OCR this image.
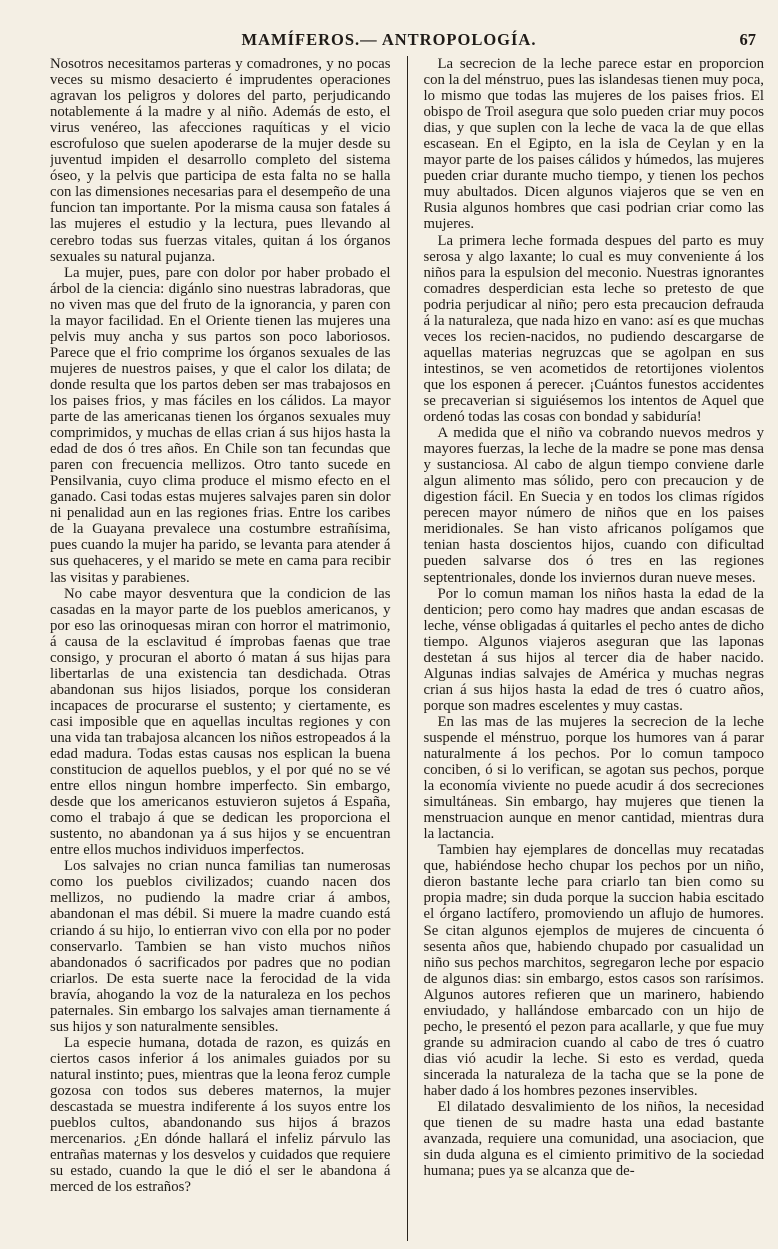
MAMÍFEROS.— ANTROPOLOGÍA.	67

Nosotros necesitamos parteras y comadrones, y no pocas veces su mismo desacierto é imprudentes operaciones agravan los peligros y dolores del parto, perjudicando notablemente á la madre y al niño. Además de esto, el virus venéreo, las afecciones raquíticas y el vicio escrofuloso que suelen apoderarse de la mujer desde su juventud impiden el desarrollo completo del sistema óseo, y la pelvis que participa de esta falta no se halla con las dimensiones necesarias para el desempeño de una funcion tan importante. Por la misma causa son fatales á las mujeres el estudio y la lectura, pues llevando al cerebro todas sus fuerzas vitales, quitan á los órganos sexuales su natural pujanza.

La mujer, pues, pare con dolor por haber probado el árbol de la ciencia: digánlo sino nuestras labradoras, que no viven mas que del fruto de la ignorancia, y paren con la mayor facilidad. En el Oriente tienen las mujeres una pelvis muy ancha y sus partos son poco laboriosos. Parece que el frio comprime los órganos sexuales de las mujeres de nuestros paises, y que el calor los dilata; de donde resulta que los partos deben ser mas trabajosos en los paises frios, y mas fáciles en los cálidos. La mayor parte de las americanas tienen los órganos sexuales muy comprimidos, y muchas de ellas crian á sus hijos hasta la edad de dos ó tres años. En Chile son tan fecundas que paren con frecuencia mellizos. Otro tanto sucede en Pensilvania, cuyo clima produce el mismo efecto en el ganado. Casi todas estas mujeres salvajes paren sin dolor ni penalidad aun en las regiones frias. Entre los caribes de la Guayana prevalece una costumbre estrañísima, pues cuando la mujer ha parido, se levanta para atender á sus quehaceres, y el marido se mete en cama para recibir las visitas y parabienes.

No cabe mayor desventura que la condicion de las casadas en la mayor parte de los pueblos americanos, y por eso las orinoquesas miran con horror el matrimonio, á causa de la esclavitud é ímprobas faenas que trae consigo, y procuran el aborto ó matan á sus hijas para libertarlas de una existencia tan desdichada. Otras abandonan sus hijos lisiados, porque los consideran incapaces de procurarse el sustento; y ciertamente, es casi imposible que en aquellas incultas regiones y con una vida tan trabajosa alcancen los niños estropeados á la edad madura. Todas estas causas nos esplican la buena constitucion de aquellos pueblos, y el por qué no se vé entre ellos ningun hombre imperfecto. Sin embargo, desde que los americanos estuvieron sujetos á España, como el trabajo á que se dedican les proporciona el sustento, no abandonan ya á sus hijos y se encuentran entre ellos muchos individuos imperfectos.

Los salvajes no crian nunca familias tan numerosas como los pueblos civilizados; cuando nacen dos mellizos, no pudiendo la madre criar á ambos, abandonan el mas débil. Si muere la madre cuando está criando á su hijo, lo entierran vivo con ella por no poder conservarlo. Tambien se han visto muchos niños abandonados ó sacrificados por padres que no podian criarlos. De esta suerte nace la ferocidad de la vida bravía, ahogando la voz de la naturaleza en los pechos paternales. Sin embargo los salvajes aman tiernamente á sus hijos y son naturalmente sensibles.

La especie humana, dotada de razon, es quizás en ciertos casos inferior á los animales guiados por su natural instinto; pues, mientras que la leona feroz cumple gozosa con todos sus deberes maternos, la mujer descastada se muestra indiferente á los suyos entre los pueblos cultos, abandonando sus hijos á brazos mercenarios. ¿En dónde hallará el infeliz párvulo las entrañas maternas y los desvelos y cuidados que requiere su estado, cuando la que le dió el ser le abandona á merced de los estraños?

La secrecion de la leche parece estar en proporcion con la del ménstruo, pues las islandesas tienen muy poca, lo mismo que todas las mujeres de los paises frios. El obispo de Troil asegura que solo pueden criar muy pocos dias, y que suplen con la leche de vaca la de que ellas escasean. En el Egipto, en la isla de Ceylan y en la mayor parte de los paises cálidos y húmedos, las mujeres pueden criar durante mucho tiempo, y tienen los pechos muy abultados. Dicen algunos viajeros que se ven en Rusia algunos hombres que casi podrian criar como las mujeres.

La primera leche formada despues del parto es muy serosa y algo laxante; lo cual es muy conveniente á los niños para la espulsion del meconio. Nuestras ignorantes comadres desperdician esta leche so pretesto de que podria perjudicar al niño; pero esta precaucion defrauda á la naturaleza, que nada hizo en vano: así es que muchas veces los recien-nacidos, no pudiendo descargarse de aquellas materias negruzcas que se agolpan en sus intestinos, se ven acometidos de retortijones violentos que los esponen á perecer. ¡Cuántos funestos accidentes se precaverian si siguiésemos los intentos de Aquel que ordenó todas las cosas con bondad y sabiduría!

A medida que el niño va cobrando nuevos medros y mayores fuerzas, la leche de la madre se pone mas densa y sustanciosa. Al cabo de algun tiempo conviene darle algun alimento mas sólido, pero con precaucion y de digestion fácil. En Suecia y en todos los climas rígidos perecen mayor número de niños que en los paises meridionales. Se han visto africanos polígamos que tenian hasta doscientos hijos, cuando con dificultad pueden salvarse dos ó tres en las regiones septentrionales, donde los inviernos duran nueve meses.

Por lo comun maman los niños hasta la edad de la denticion; pero como hay madres que andan escasas de leche, vénse obligadas á quitarles el pecho antes de dicho tiempo. Algunos viajeros aseguran que las laponas destetan á sus hijos al tercer dia de haber nacido. Algunas indias salvajes de América y muchas negras crian á sus hijos hasta la edad de tres ó cuatro años, porque son madres escelentes y muy castas.

En las mas de las mujeres la secrecion de la leche suspende el ménstruo, porque los humores van á parar naturalmente á los pechos. Por lo comun tampoco conciben, ó si lo verifican, se agotan sus pechos, porque la economía viviente no puede acudir á dos secreciones simultáneas. Sin embargo, hay mujeres que tienen la menstruacion aunque en menor cantidad, mientras dura la lactancia.

Tambien hay ejemplares de doncellas muy recatadas que, habiéndose hecho chupar los pechos por un niño, dieron bastante leche para criarlo tan bien como su propia madre; sin duda porque la succion habia escitado el órgano lactífero, promoviendo un aflujo de humores. Se citan algunos ejemplos de mujeres de cincuenta ó sesenta años que, habiendo chupado por casualidad un niño sus pechos marchitos, segregaron leche por espacio de algunos dias: sin embargo, estos casos son rarísimos. Algunos autores refieren que un marinero, habiendo enviudado, y hallándose embarcado con un hijo de pecho, le presentó el pezon para acallarle, y que fue muy grande su admiracion cuando al cabo de tres ó cuatro dias vió acudir la leche. Si esto es verdad, queda sincerada la naturaleza de la tacha que se la pone de haber dado á los hombres pezones inservibles.

El dilatado desvalimiento de los niños, la necesidad que tienen de su madre hasta una edad bastante avanzada, requiere una comunidad, una asociacion, que sin duda alguna es el cimiento primitivo de la sociedad humana; pues ya se alcanza que de-
